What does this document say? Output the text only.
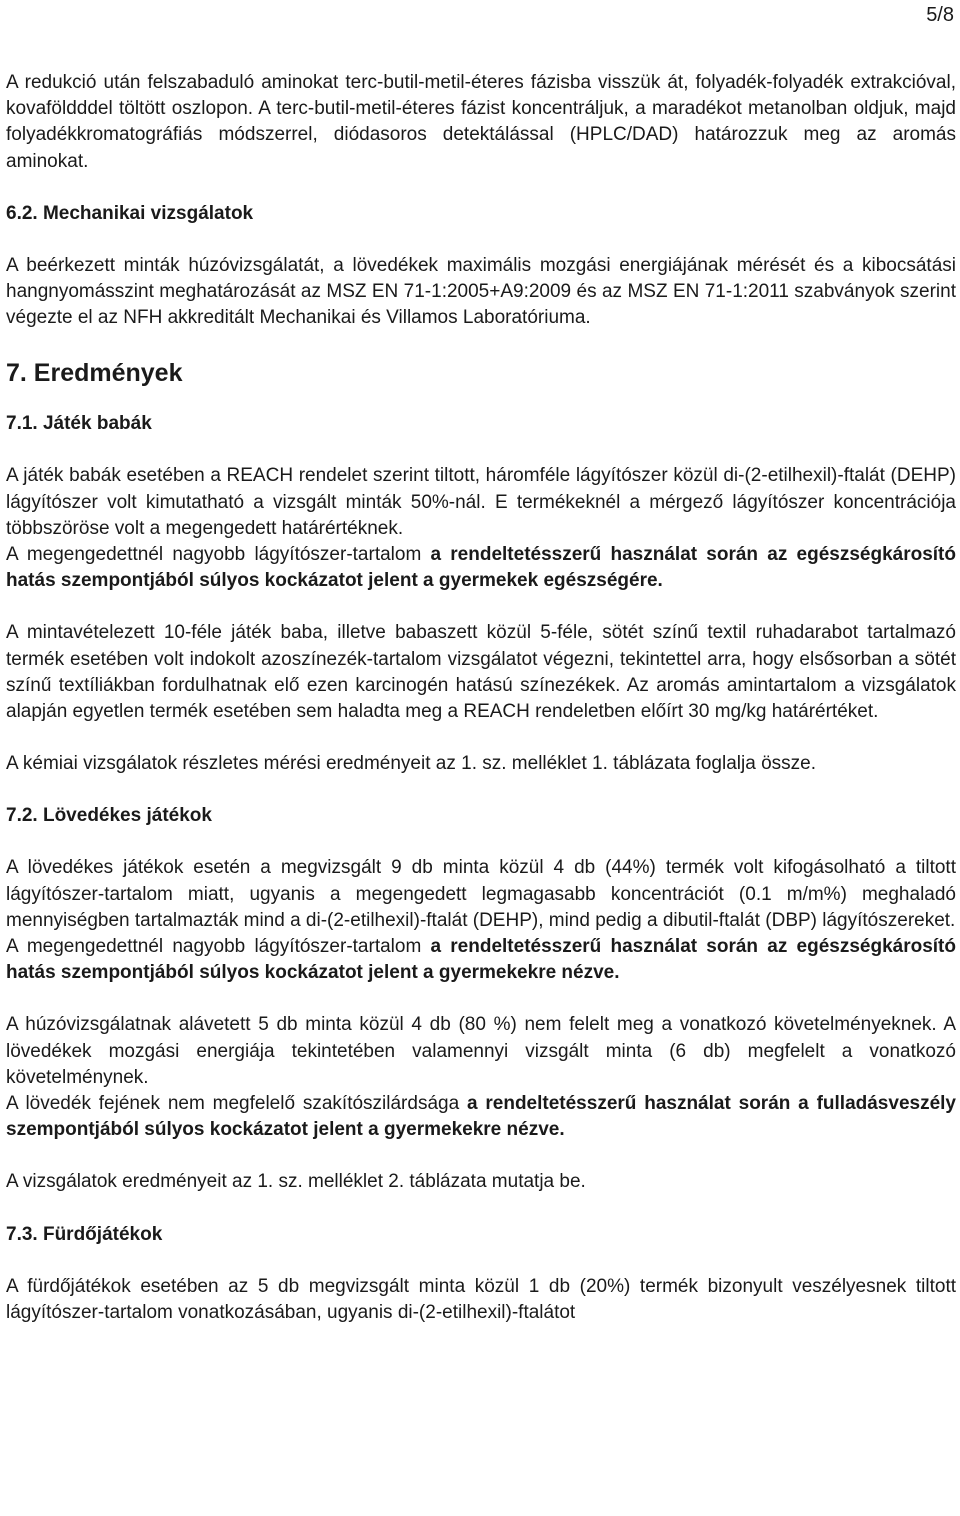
5/8

A redukció után felszabaduló aminokat terc-butil-metil-éteres fázisba visszük át, folyadék-folyadék extrakcióval, kovaföldddel töltött oszlopon. A terc-butil-metil-éteres fázist koncentráljuk, a maradékot metanolban oldjuk, majd folyadékkromatográfiás módszerrel, diódasoros detektálással (HPLC/DAD) határozzuk meg az aromás aminokat.

6.2. Mechanikai vizsgálatok

A beérkezett minták húzóvizsgálatát, a lövedékek maximális mozgási energiájának mérését és a kibocsátási hangnyomásszint meghatározását az MSZ EN 71-1:2005+A9:2009 és az MSZ EN 71-1:2011 szabványok szerint végezte el az NFH akkreditált Mechanikai és Villamos Laboratóriuma.

7. Eredmények
7.1. Játék babák

A játék babák esetében a REACH rendelet szerint tiltott, háromféle lágyítószer közül di-(2-etilhexil)-ftalát (DEHP) lágyítószer volt kimutatható a vizsgált minták 50%-nál. E termékeknél a mérgező lágyítószer koncentrációja többszöröse volt a megengedett határértéknek.

A megengedettnél nagyobb lágyítószer-tartalom a rendeltetésszerű használat során az egészségkárosító hatás szempontjából súlyos kockázatot jelent a gyermekek egészségére.

A mintavételezett 10-féle játék baba, illetve babaszett közül 5-féle, sötét színű textil ruhadarabot tartalmazó termék esetében volt indokolt azoszínezék-tartalom vizsgálatot végezni, tekintettel arra, hogy elsősorban a sötét színű textíliákban fordulhatnak elő ezen karcinogén hatású színezékek. Az aromás amintartalom a vizsgálatok alapján egyetlen termék esetében sem haladta meg a REACH rendeletben előírt 30 mg/kg határértéket.

A kémiai vizsgálatok részletes mérési eredményeit az 1. sz. melléklet 1. táblázata foglalja össze.

7.2. Lövedékes játékok

A lövedékes játékok esetén a megvizsgált 9 db minta közül 4 db (44%) termék volt kifogásolható a tiltott lágyítószer-tartalom miatt, ugyanis a megengedett legmagasabb koncentrációt (0.1 m/m%) meghaladó mennyiségben tartalmazták mind a di-(2-etilhexil)-ftalát (DEHP), mind pedig a dibutil-ftalát (DBP) lágyítószereket.

A megengedettnél nagyobb lágyítószer-tartalom a rendeltetésszerű használat során az egészségkárosító hatás szempontjából súlyos kockázatot jelent a gyermekekre nézve.

A húzóvizsgálatnak alávetett 5 db minta közül 4 db (80 %) nem felelt meg a vonatkozó követelményeknek. A lövedékek mozgási energiája tekintetében valamennyi vizsgált minta (6 db) megfelelt a vonatkozó követelménynek.

A lövedék fejének nem megfelelő szakítószilárdsága a rendeltetésszerű használat során a fulladásveszély szempontjából súlyos kockázatot jelent a gyermekekre nézve.

A vizsgálatok eredményeit az 1. sz. melléklet 2. táblázata mutatja be.

7.3. Fürdőjátékok

A fürdőjátékok esetében az 5 db megvizsgált minta közül 1 db (20%) termék bizonyult veszélyesnek tiltott lágyítószer-tartalom vonatkozásában, ugyanis di-(2-etilhexil)-ftalátot
